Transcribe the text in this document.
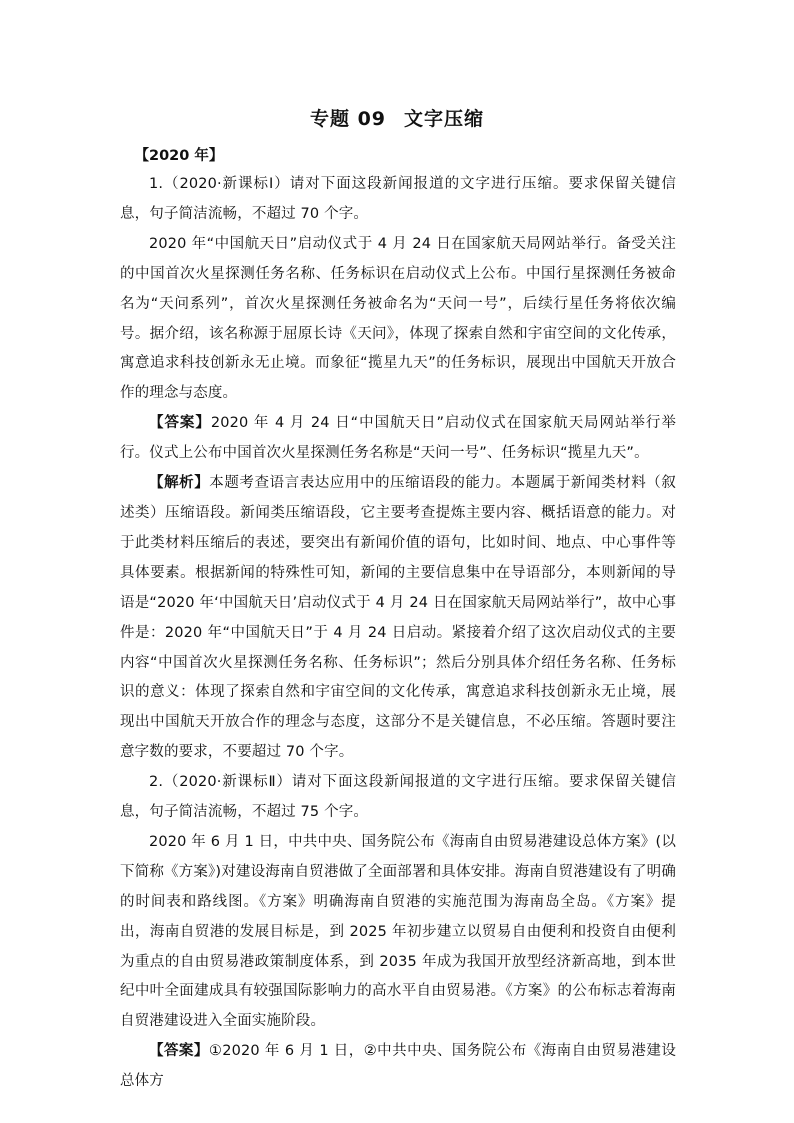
专题 09 文字压缩

【2020 年】

1.（2020·新课标Ⅰ）请对下面这段新闻报道的文字进行压缩。要求保留关键信息，句子简洁流畅，不超过 70 个字。

2020 年“中国航天日”启动仪式于 4 月 24 日在国家航天局网站举行。备受关注的中国首次火星探测任务名称、任务标识在启动仪式上公布。中国行星探测任务被命名为“天问系列”，首次火星探测任务被命名为“天问一号”，后续行星任务将依次编号。据介绍，该名称源于屈原长诗《天问》，体现了探索自然和宇宙空间的文化传承，寓意追求科技创新永无止境。而象征“揽星九天”的任务标识，展现出中国航天开放合作的理念与态度。

【答案】2020 年 4 月 24 日“中国航天日”启动仪式在国家航天局网站举行举行。仪式上公布中国首次火星探测任务名称是“天问一号”、任务标识“揽星九天”。

【解析】本题考查语言表达应用中的压缩语段的能力。本题属于新闻类材料（叙述类）压缩语段。新闻类压缩语段，它主要考查提炼主要内容、概括语意的能力。对于此类材料压缩后的表述，要突出有新闻价值的语句，比如时间、地点、中心事件等具体要素。根据新闻的特殊性可知，新闻的主要信息集中在导语部分，本则新闻的导语是“2020 年‘中国航天日’启动仪式于 4 月 24 日在国家航天局网站举行”，故中心事件是：2020 年“中国航天日”于 4 月 24 日启动。紧接着介绍了这次启动仪式的主要内容“中国首次火星探测任务名称、任务标识”；然后分别具体介绍任务名称、任务标识的意义：体现了探索自然和宇宙空间的文化传承，寓意追求科技创新永无止境，展现出中国航天开放合作的理念与态度，这部分不是关键信息，不必压缩。答题时要注意字数的要求，不要超过 70 个字。

2.（2020·新课标Ⅱ）请对下面这段新闻报道的文字进行压缩。要求保留关键信息，句子简洁流畅，不超过 75 个字。

2020 年 6 月 1 日，中共中央、国务院公布《海南自由贸易港建设总体方案》(以下简称《方案》)对建设海南自贸港做了全面部署和具体安排。海南自贸港建设有了明确的时间表和路线图。《方案》明确海南自贸港的实施范围为海南岛全岛。《方案》提出，海南自贸港的发展目标是，到 2025 年初步建立以贸易自由便利和投资自由便利为重点的自由贸易港政策制度体系，到 2035 年成为我国开放型经济新高地，到本世纪中叶全面建成具有较强国际影响力的高水平自由贸易港。《方案》的公布标志着海南自贸港建设进入全面实施阶段。

【答案】①2020 年 6 月 1 日，②中共中央、国务院公布《海南自由贸易港建设总体方
